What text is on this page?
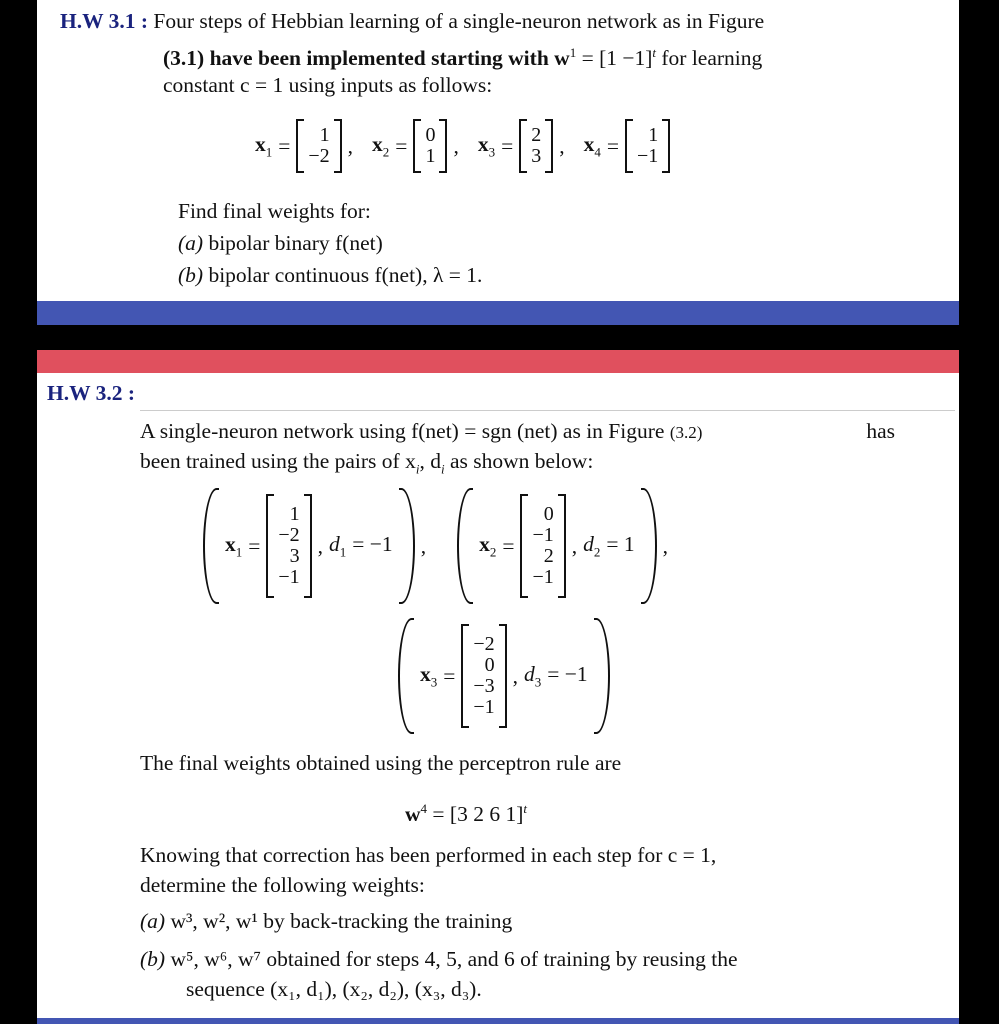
H.W 3.1 : Four steps of Hebbian learning of a single-neuron network as in Figure
(3.1) have been implemented starting with $w^1 = [1 -1]^t$ for learning
constant c = 1 using inputs as follows:
$x_1 = 1$
−2 , $x_2 = 0$
1 , $x_3 = 2$
3 , $x_4 = 1$
−1
Find final weights for:
(a) bipolar binary f(net)
(b) bipolar continuous f(net), λ = 1.
H.W 3.2 :
A single-neuron network using f(net) = sgn (net) as in Figure (3.2)	has
been trained using the pairs of $x_i$, $d_i$ as shown below:
$x_1$ =
1
−2
3
−1
, $d_1 = -1$ , $x_2$ =
0
−1
2
−1
, $d_2 = 1$ ,
$x_3$ =
−2
0
−3
−1
, $d_3 = -1$
The final weights obtained using the perceptron rule are
$w^4 = [3$ 2 6 1]$^t$
Knowing that correction has been performed in each step for c = 1,
determine the following weights:
(a) w³, w², w¹ by back-tracking the training
(b) w⁵, w⁶, w⁷ obtained for steps 4, 5, and 6 of training by reusing the
sequence (x₁, d₁), (x₂, d₂), (x₃, d₃).
